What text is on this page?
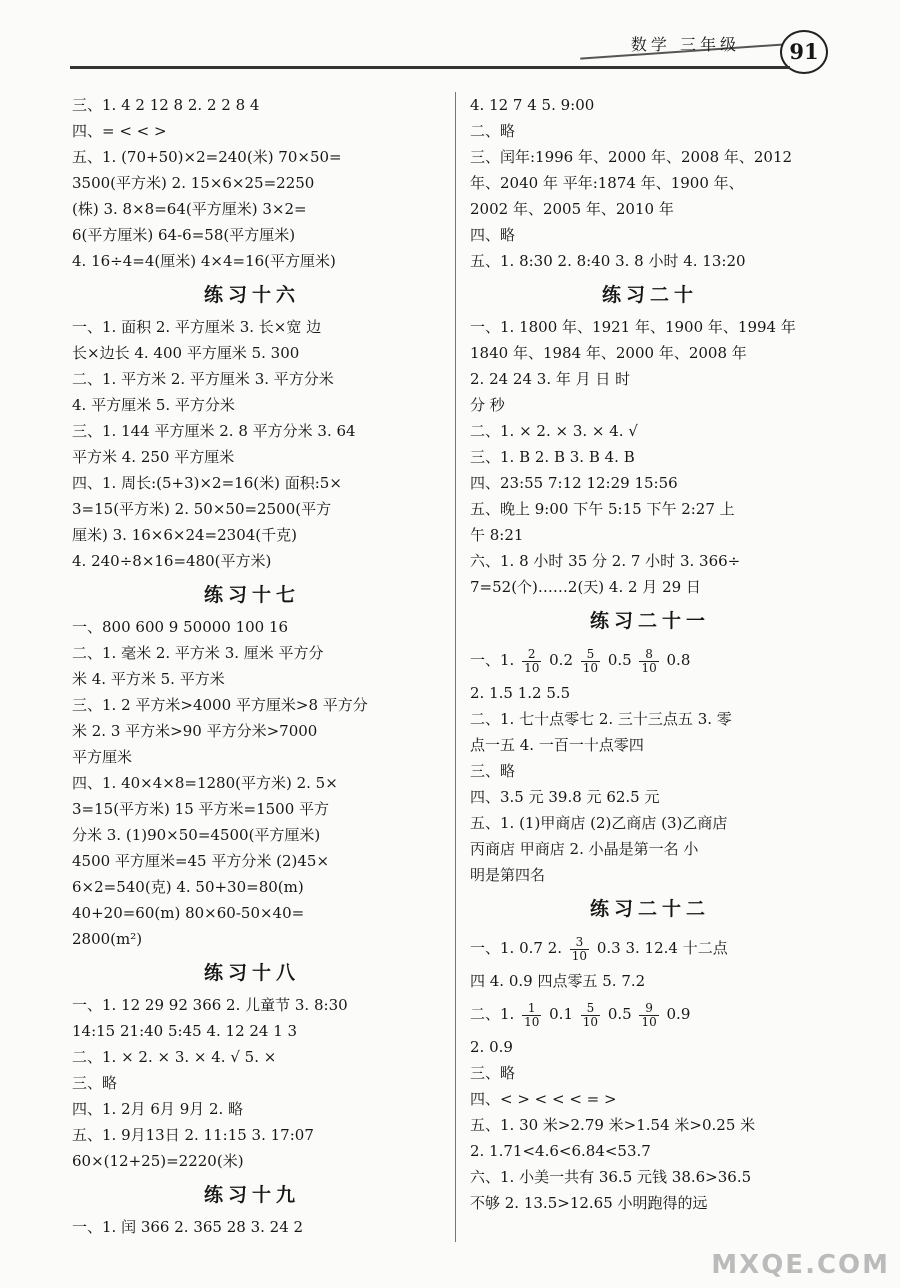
数学 三年级	91
三、1. 4 2 12 8 2. 2 2 8 4
四、= < < >
五、1. (70+50)×2=240(米) 70×50=
3500(平方米) 2. 15×6×25=2250
(株) 3. 8×8=64(平方厘米) 3×2=
6(平方厘米) 64-6=58(平方厘米)
4. 16÷4=4(厘米) 4×4=16(平方厘米)
练习十六
一、1. 面积 2. 平方厘米 3. 长×宽 边
长×边长 4. 400 平方厘米 5. 300
二、1. 平方米 2. 平方厘米 3. 平方分米
4. 平方厘米 5. 平方分米
三、1. 144 平方厘米 2. 8 平方分米 3. 64
平方米 4. 250 平方厘米
四、1. 周长:(5+3)×2=16(米) 面积:5×
3=15(平方米) 2. 50×50=2500(平方
厘米) 3. 16×6×24=2304(千克)
4. 240÷8×16=480(平方米)
练习十七
一、800 600 9 50000 100 16
二、1. 毫米 2. 平方米 3. 厘米 平方分
米 4. 平方米 5. 平方米
三、1. 2 平方米>4000 平方厘米>8 平方分
米 2. 3 平方米>90 平方分米>7000
平方厘米
四、1. 40×4×8=1280(平方米) 2. 5×
3=15(平方米) 15 平方米=1500 平方
分米 3. (1)90×50=4500(平方厘米)
4500 平方厘米=45 平方分米 (2)45×
6×2=540(克) 4. 50+30=80(m)
40+20=60(m) 80×60-50×40=
2800(m²)
练习十八
一、1. 12 29 92 366 2. 儿童节 3. 8:30
14:15 21:40 5:45 4. 12 24 1 3
二、1. × 2. × 3. × 4. √ 5. ×
三、略
四、1. 2月 6月 9月 2. 略
五、1. 9月13日 2. 11:15 3. 17:07
60×(12+25)=2220(米)
练习十九
一、1. 闰 366 2. 365 28 3. 24 2
4. 12 7 4 5. 9:00
二、略
三、闰年:1996 年、2000 年、2008 年、2012
年、2040 年 平年:1874 年、1900 年、
2002 年、2005 年、2010 年
四、略
五、1. 8:30 2. 8:40 3. 8 小时 4. 13:20
练习二十
一、1. 1800 年、1921 年、1900 年、1994 年
1840 年、1984 年、2000 年、2008 年
2. 24 24 3. 年 月 日 时
分 秒
二、1. × 2. × 3. × 4. √
三、1. B 2. B 3. B 4. B
四、23:55 7:12 12:29 15:56
五、晚上 9:00 下午 5:15 下午 2:27 上
午 8:21
六、1. 8 小时 35 分 2. 7 小时 3. 366÷
7=52(个)……2(天) 4. 2 月 29 日
练习二十一
一、1. $\frac{2}{10} 0.2 \frac{5}{10} 0.5 \frac{8}{10} 0.8$
2. 1.5 1.2 5.5
二、1. 七十点零七 2. 三十三点五 3. 零
点一五 4. 一百一十点零四
三、略
四、3.5 元 39.8 元 62.5 元
五、1. (1)甲商店 (2)乙商店 (3)乙商店
丙商店 甲商店 2. 小晶是第一名 小
明是第四名
练习二十二
一、1. 0.7 2. $\frac{3}{10} 0.3$ 3. 12.4 十二点
四 4. 0.9 四点零五 5. 7.2
二、1. $\frac{1}{10} 0.1 \frac{5}{10} 0.5 \frac{9}{10} 0.9$
2. 0.9
三、略
四、< > < < < = >
五、1. 30 米>2.79 米>1.54 米>0.25 米
2. 1.71<4.6<6.84<53.7
六、1. 小美一共有 36.5 元钱 38.6>36.5
不够 2. 13.5>12.65 小明跑得的远
MXQE.COM
